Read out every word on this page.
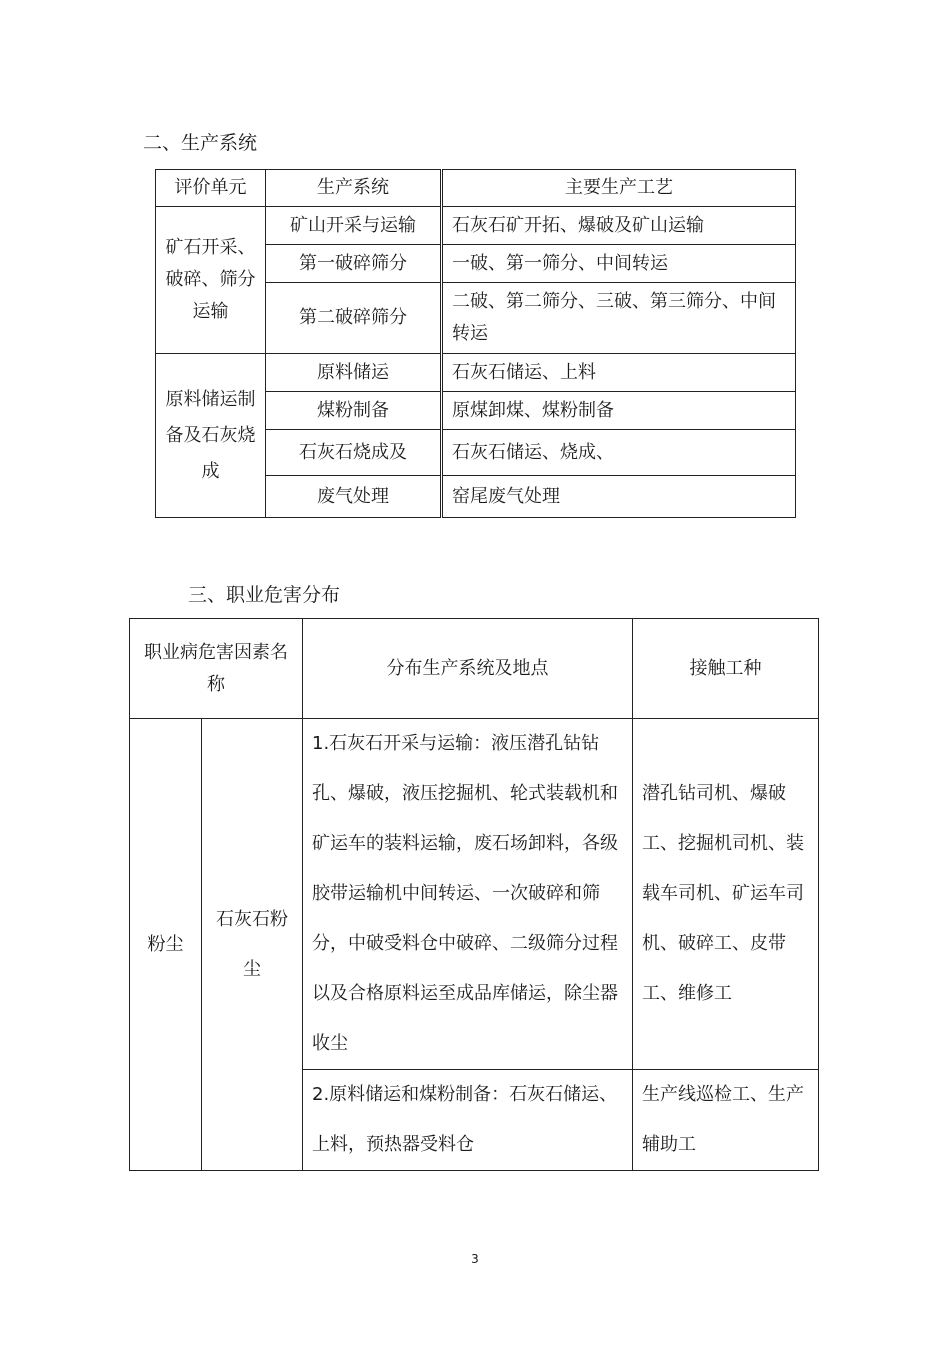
二、生产系统
评价单元	生产系统	主要生产工艺
矿石开采、破碎、筛分运输	矿山开采与运输	石灰石矿开拓、爆破及矿山运输
	第一破碎筛分	一破、第一筛分、中间转运
	第二破碎筛分	二破、第二筛分、三破、第三筛分、中间转运
原料储运制备及石灰烧成	原料储运	石灰石储运、上料
	煤粉制备	原煤卸煤、煤粉制备
	石灰石烧成及	石灰石储运、烧成、
	废气处理	窑尾废气处理
三、职业危害分布
职业病危害因素名称		分布生产系统及地点	接触工种
粉尘	石灰石粉尘	1.石灰石开采与运输：液压潜孔钻钻孔、爆破，液压挖掘机、轮式装载机和矿运车的装料运输，废石场卸料，各级胶带运输机中间转运、一次破碎和筛分，中破受料仓中破碎、二级筛分过程以及合格原料运至成品库储运，除尘器收尘	潜孔钻司机、爆破工、挖掘机司机、装载车司机、矿运车司机、破碎工、皮带工、维修工
		2.原料储运和煤粉制备：石灰石储运、上料，预热器受料仓	生产线巡检工、生产辅助工
3
